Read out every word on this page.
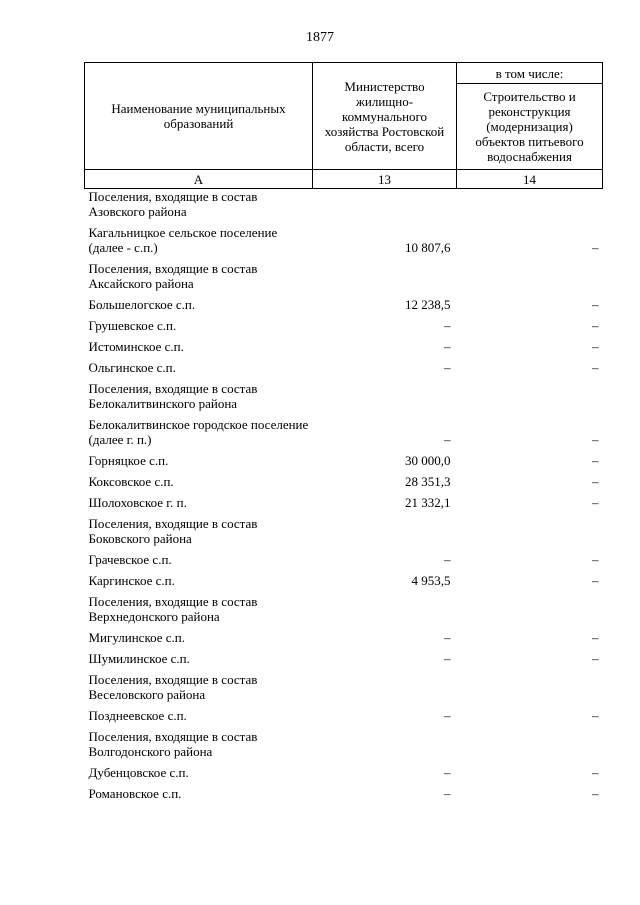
1877
Наименование муниципальных образований	Министерство жилищно-коммунального хозяйства Ростовской области, всего	в том числе:
		Строительство и реконструкция (модернизация) объектов питьевого водоснабжения
А	13	14
Поселения, входящие в состав Азовского района		

Кагальницкое сельское поселение (далее - с.п.)	10 807,6	–

Поселения, входящие в состав Аксайского района		

Большелогское с.п.	12 238,5	–

Грушевское с.п.	–	–

Истоминское с.п.	–	–

Ольгинское с.п.	–	–

Поселения, входящие в состав Белокалитвинского района		

Белокалитвинское городское поселение (далее г. п.)	–	–

Горняцкое с.п.	30 000,0	–

Коксовское с.п.	28 351,3	–

Шолоховское г. п.	21 332,1	–

Поселения, входящие в состав Боковского района		

Грачевское с.п.	–	–

Каргинское с.п.	4 953,5	–

Поселения, входящие в состав Верхнедонского района		

Мигулинское с.п.	–	–

Шумилинское с.п.	–	–

Поселения, входящие в состав Веселовского района		

Позднеевское с.п.	–	–

Поселения, входящие в состав Волгодонского района		

Дубенцовское с.п.	–	–

Романовское с.п.	–	–
